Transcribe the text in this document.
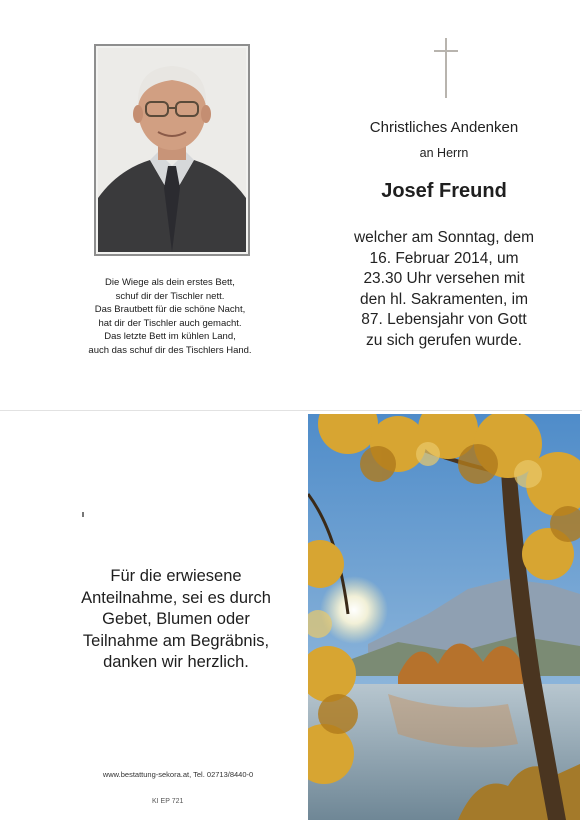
Die Wiege als dein erstes Bett,
schuf dir der Tischler nett.
Das Brautbett für die schöne Nacht,
hat dir der Tischler auch gemacht.
Das letzte Bett im kühlen Land,
auch das schuf dir des Tischlers Hand.
Christliches Andenken
an Herrn
Josef Freund
welcher am Sonntag, dem
16. Februar 2014, um
23.30 Uhr versehen mit
den hl. Sakramenten, im
87. Lebensjahr von Gott
zu sich gerufen wurde.
Für die erwiesene
Anteilnahme, sei es durch
Gebet, Blumen oder
Teilnahme am Begräbnis,
danken wir herzlich.
www.bestattung-sekora.at, Tel. 02713/8440-0
KI EP 721
